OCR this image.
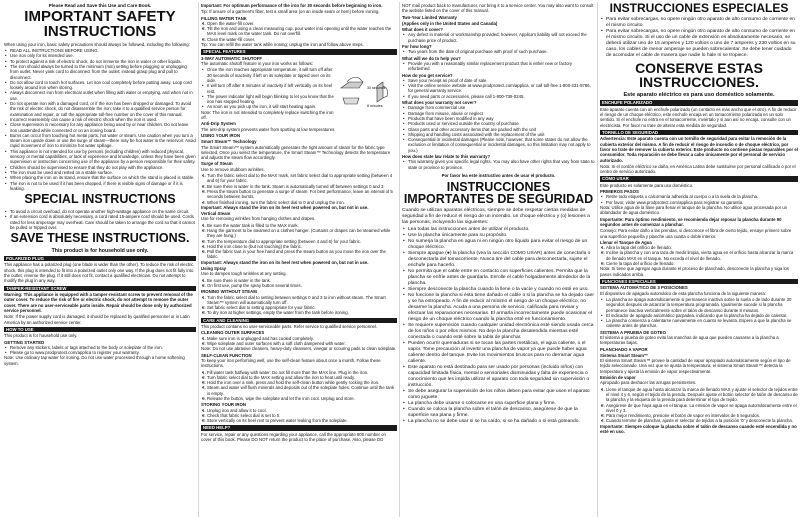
Please Read and Save this Use and Care Book.

IMPORTANT SAFETY
INSTRUCTIONS

When using your iron, basic safety precautions should always be followed, including the following:

• READ ALL INSTRUCTIONS BEFORE USING.
• Use iron only for its intended use.
• To protect against a risk of electric shock, do not immerse the iron in water or other liquids.
• The iron should always be turned to the minimum (min) setting before plugging or unplugging from outlet. Never yank cord to disconnect from the outlet; instead grasp plug and pull to disconnect.
• Do not allow cord to touch hot surfaces. Let iron cool completely before putting away. Loop cord loosely around iron when storing.
• Always disconnect iron from electrical outlet when filling with water or emptying, and when not in use.
• Do not operate iron with a damaged cord, or if the iron has been dropped or damaged. To avoid the risk of electric shock, do not disassemble the iron; take it to a qualified service person for examination and repair, or call the appropriate toll-free number on the cover of this manual. Incorrect reassembly can cause a risk of electric shock when the iron is used.
• Close supervision is necessary for any appliance being used by or near children. Do not leave iron unattended while connected or on an ironing board.
• Burns can occur from touching hot metal parts, hot water or steam. Use caution when you turn a steam iron upside down or use the surge of steam—there may be hot water in the reservoir. Avoid rapid movement of iron to minimize hot water spillage.
• This appliance is not intended for use by persons (including children) with reduced physical, sensory or mental capabilities, or lack of experience and knowledge, unless they have been given supervision or instruction concerning use of the appliance by a person responsible for their safety.
• Children should be supervised to ensure that they do not play with the appliance.
• The iron must be used and rested on a stable surface.
• When placing the iron on its stand, ensure that the surface on which the stand is placed is stable.
• The iron is not to be used if it has been dropped, if there is visible signs of damage or if it is leaking.
SPECIAL INSTRUCTIONS
• To avoid a circuit overload, do not operate another high-wattage appliance on the same circuit.
• If an extension cord is absolutely necessary, a cord rated 15-ampere cord should be used. Cords rated for less amperage may overheat. Care should be taken to arrange the cord so that it cannot be pulled or tripped over.
SAVE THESE INSTRUCTIONS.
This product is for household use only.
POLARIZED PLUG

This appliance has a polarized plug (one blade is wider than the other). To reduce the risk of electric shock, this plug is intended to fit into a polarized outlet only one way. If the plug does not fit fully into the outlet, reverse the plug. If it still does not fit, contact a qualified electrician. Do not attempt to modify the plug in any way.

TAMPER-RESISTANT SCREW

Warning: This appliance is equipped with a tamper-resistant screw to prevent removal of the outer cover. To reduce the risk of fire or electric shock, do not attempt to remove the outer cover. There are no user-serviceable parts inside. Repair should be done only by authorized service personnel.

Note: If the power supply cord is damaged, it should be replaced by qualified personnel or in Latin America by an authorized service center.

HOW TO USE

This product is for household use only.

GETTING STARTED
• Remove any stickers, labels or tags attached to the body or soleplate of the iron.
• Please go to www.prodprotect.com/applica to register your warranty.

Note: Use ordinary tap water for ironing. Do not use water processed through a home softening system.

Important: For optimum performance of the iron for 30 seconds before beginning to iron.

Tip: If unsure of a garment's fiber, test a small area (on an inside seam or hem) before ironing.

FILLING WATER TANK
• 1. Open the water-fill cover.
• 2. Tilt the iron and using a clean measuring cup, pour water into opening until the water reaches the MAX level mark on the water tank. Do not overfill.
• 3. Close the water-fill cover.

Tip: You can refill the water tank while ironing; unplug the iron and follow above steps.

SPECIAL FEATURES
3-WAY AUTOMATIC SHUTOFF

The automatic shutoff feature in your iron works as follows:

30 seconds
8 minutes
• Once the iron reaches appropriate temperature, it will turn off after 30 seconds of inactivity if left on its soleplate or tipped over on its side.
• It will turn off after 8 minutes of inactivity if left vertically on its heel rest.
• The power indicator light will begin blinking to let you know that the iron has stopped heating.
• As soon as you pick up the iron, it will start heating again.

Note: The iron is not intended to completely replace switching the iron off.

Anti-Drip System

The anti-drip system prevents water from spotting at low temperatures.

USING YOUR IRON
Smart Steam™ Technology

The Smart Steam™ system automatically generates the right amount of steam for the fabric type selected. Once you select the temperature, the Smart Steam™ Technology detects the temperature and adjusts the steam flow accordingly.

Surge of Steam

Use to remove stubborn wrinkles.

• 1. Turn the fabric select dial to the MAX mark, set fabric select dial to appropriate setting (between 4 and 6) for your fabric.
• 2. Be sure there is water in the tank. Steam is automatically turned off between settings 0 and 3.
• 3. Press the steam button to generate a surge of steam. For best performance, leave an interval of 5 seconds between bursts.
• 4. When finished ironing, turn the fabric select dial to 0 and unplug the iron.

Important: Always stand the iron on its heel rest when powered on, but not in use.

Vertical Steam

Use for removing wrinkles from hanging clothes and drapes.

• 1. Be sure the water tank is filled to the MAX mark.
• 2. Hang the garment to be steamed on a clothes hanger. (Curtains or drapes can be steamed while they are hung.)
• 3. Turn the temperature dial to appropriate setting (between 4 and 6) for your fabric.
• 4. Hold the iron close to (but not touching) the fabric.
• 5. Pull the fabric taut in your free hand and press the steam button as you move the iron over the fabric.

Important: Always stand the iron on its heel rest when powered on, but not in use.

Using Spray

Use to dampen tough wrinkles at any setting.

• 1. Be sure there is water in the tank.
• 2. On first use, pump the spray button several times.
IRONING WITHOUT STEAM
• 1. Turn the fabric select dial to setting between settings 0 and 3 to iron without steam. The Smart Steam™ system will automatically turn off.
• 2. Set fabric select dial to setting appropriate for your fabric.
• 3. To dry iron at higher settings, empty the water from the tank before ironing.
CARE AND CLEANING

This product contains no user-serviceable parts. Refer service to qualified service personnel.

CLEANING OUTER SURFACES
• 1. Make sure iron is unplugged and has cooled completely.
• 2. Wipe soleplate and outer surfaces with a soft cloth dampened with water.

Note: Do not use abrasive cleaners, heavy-duty cleansers, vinegar or scouring pads to clean soleplate.

SELF-CLEAN FUNCTION

To keep your iron performing well, use the self-clean feature about once a month. Follow these instructions.

• 1. Fill water tank halfway with water. Do not fill more than the MAX line. Plug in the iron.
• 2. Turn fabric select dial to the MAX setting and allow the iron to heat until ready.
• 3. Hold the iron over a sink, press and hold the self-clean button while gently rocking the iron.
• 4. Steam and water will flush minerals and deposits out of the soleplate holes. Continue until the tank is empty.
• 5. Release the button, wipe the soleplate and let the iron cool. Unplug and store.
STORING YOUR IRON
• 1. Unplug iron and allow it to cool.
• 2. Check that fabric select dial is set to 0.
• 3. Store vertically on its heel rest to prevent water leaking from the soleplate.
NEED HELP?

For service, repair or any questions regarding your appliance, call the appropriate 800 number on cover of this book. Please DO NOT return the product to the place of purchase. Also, please DO

NOT mail product back to manufacturer, nor bring it to a service center. You may also want to consult the website listed on the cover of this manual.

Two-Year Limited Warranty
(Applies only in the United States and Canada)
What does it cover?
• Any defect in material or workmanship provided; however, Applica's liability will not exceed the purchase price of product.
For how long?
• Two years from the date of original purchase with proof of such purchase.
What will we do to help you?
• Provide you with a reasonably similar replacement product that is either new or factory refurbished.
How do you get service?
• Save your receipt as proof of date of sale.
• Visit the online service website at www.prodprotect.com/applica, or call toll-free 1-800-231-9786, for general warranty service.
• If you need parts or accessories, please call 1-800-738-0245.
What does your warranty not cover?
• Damage from commercial use
• Damage from misuse, abuse or neglect
• Products that have been modified in any way
• Products used or serviced outside the country of purchase
• Glass parts and other accessory items that are packed with the unit
• Shipping and handling costs associated with the replacement of the unit
• Consequential or incidental damages (Please note, however, that some states do not allow the exclusion or limitation of consequential or incidental damages, so this limitation may not apply to you.)
How does state law relate to this warranty?
• This warranty gives you specific legal rights. You may also have other rights that vary from state to state or province to province.

Por favor lea este instructivo antes de usar el producto.

INSTRUCCIONES
IMPORTANTES DE SEGURIDAD

Cuando se utilizan aparatos eléctricos, siempre se debe respetar ciertas medidas de seguridad a fin de reducir el riesgo de un incendio, un choque eléctrico y (o) lesiones a las personas, incluyendo las siguientes:

• Lea todas las instrucciones antes de utilizar el producto.
• Use la plancha únicamente para su propósito.
• No sumerja la plancha en agua ni en ningún otro líquido para evitar el riesgo de un choque eléctrico.
• Siempre apague (●) la plancha (vea la sección COMO USAR) antes de conectarla o desconectarla del tomacorriente. Nunca tire del cable para desconectarla, sujete el enchufe para hacerlo.
• No permita que el cable entre en contacto con superficies calientes. Permita que la plancha se enfríe antes de guardarla. Enrolle el cable holgadamente alrededor de la plancha.
• Siempre desconecte la plancha cuando la llene o la vacíe y cuando no esté en uso.
• No funcione la plancha si ésta tiene dañado el cable o si la plancha se ha dejado caer y se ha estropeado. A fin de reducir al mínimo el riesgo de un choque eléctrico, no desarme la plancha. Acuda a una persona de servicio, calificada para revisar y efectuar las reparaciones necesarias. El armarla incorrectamente puede ocasionar el riesgo de un choque eléctrico cuando la plancha esté en funcionamiento.
• Se requiere supervisión cuando cualquier unidad electrónica esté siendo usada cerca de los niños o por ellos mismos. No deje la plancha desatendida mientras esté conectada o cuando esté sobre la tabla de planchar.
• Pueden ocurrir quemaduras si se tocan las partes metálicas, el agua caliente, o el vapor. Tome precaución al invertir una plancha de vapor ya que puede haber agua caliente dentro del tanque. Evite los movimientos bruscos para no derramar agua caliente.
• Este aparato no está destinado para ser usado por personas (incluido niños) con capacidad limitada física, mental o sensoriales disminuidas y falta de experiencia o conocimiento que les impida utilizar el aparato con toda seguridad sin supervisión o instrucción.
• Se debe asegurar la supervisión de los niños deben para evitar que usen el aparato como juguete.
• La plancha debe usarse o colocarse en una superficie plana y firme.
• Cuando se coloca la plancha sobre el talón de descanso, asegúrese de que la superficie sea plana y firme.
• La plancha no se debe usar si se ha caído, si se ha dañado o si está goteando.
INSTRUCCIONES ESPECIALES
• Para evitar sobrecargas, no opere ningún otro aparato de alto consumo de corriente en el mismo circuito.
• Para evitar sobrecargas, no opere ningún otro aparato de alto consumo de corriente en el mismo circuito. Si el uso de un cable de extensión es absolutamente necesario, se deberá utilizar uno de 15 amperes y 120 voltios o uno de 7 amperes y 230 voltios en su caso, los cables de menor amperaje se pueden sobrecalentar. Se debe tener cuidado de acomodar el cable de manera que nadie lo hale ni se tropiece.
CONSERVE ESTAS
INSTRUCCIONES.
Este aparato eléctrico es para uso doméstico solamente.
ENCHUFE POLARIZADO

Este aparato cuenta con un enchufe polarizado (un contacto es más ancho que el otro). A fin de reducir el riesgo de un choque eléctrico, este enchufe encaja en un tomacorriente polarizada en un solo sentido. Si el enchufe no entra en el tomacorriente, inviértalo y si aun así no encaja, consulte con un electricista. Por favor no trate de alterar esta medida de seguridad.

TORNILLO DE SEGURIDAD

Advertencia: Este aparato cuenta con un tornillo de seguridad para evitar la remoción de la cubierta exterior del mismo. A fin de reducir el riesgo de incendio o de choque eléctrico, por favor no trate de remover la cubierta exterior. Este producto no contiene piezas reparables por el consumidor. Toda reparación se debe llevar a cabo únicamente por el personal de servicio autorizado.

Nota: Si el cordón eléctrico se daña, en América Latina debe sustituirse por personal calificado o por el centro de servicio autorizado.

CÓMO USAR

Este producto es solamente para uso doméstico.

PRIMEROS PASOS
• Retire todo etiqueta o calcomanía adherida al cuerpo o a la suela de la plancha.
• Por favor, visite www.prodprotect.com/applica para registrar su garantía.

Nota: Utilice agua de la llave para llenar el tanque de la plancha. No utilice agua procesada por un ablandador de agua doméstico.

Importante: Para óptimo rendimiento, se recomienda dejar reposar la plancha durante 90 segundos antes de comenzar a planchar.

Consejo: Para evitar daño a las prendas, si desconoce el fibra de cierto tejido, ensaye primero sobre una superficie pequeña y planche una cuarta o doble interior.

Llenar el Tanque de Agua
• 1. Abra la tapa del orificio de llenado.
• 2. Incline la plancha y con una taza de medir limpia, vierta agua en el orificio hasta alcanzar la marca de llenado MAX en el tanque. No exceda el nivel de llenado.
• 3. Cierre la tapa del orificio de llenado.

Nota: Si tiene que agregar agua durante el proceso de planchado, desconecte la plancha y siga los pasos indicados arriba.

FUNCIONES ESPECIALES
SISTEMA AUTOMÁTICO DE 3 POSICIONES

El dispositivo de apagado automático de esta plancha funciona de la siguiente manera:

• La plancha se apaga automáticamente si permanece inactiva sobre la suela o de lado durante 30 segundos después de alcanzar la temperatura programada. Igualmente sucede si la plancha permanece inactiva verticalmente sobre el talón de descanso durante 8 minutos.
• El indicador de apagado automático parpadea, indicando que la plancha ha dejado de calentar.
• La plancha comienza a calentarse nuevamente en cuanto se levanta. Espere a que la plancha se caliente antes de planchar.
SISTEMA A PRUEBA DE GOTEO

El sistema a prueba de goteo evita las manchas de agua que pueden causarse a la plancha a temperaturas bajas.

PLANCHADO A VAPOR
Sistema Smart Steam™

El sistema Smart Steam™ provee la cantidad de vapor apropiado automáticamente según el tipo de tejido seleccionado. Una vez que se ajusta la temperatura, el sistema Smart Steam™ detecta la temperatura y ajusta la emisión de vapor respectivamente.

Emisión de vapor

Apropiado para deshacer las arrugas persistentes.

• 1. Llene el tanque de agua hasta alcanzar la marca de llenado MAX y ajuste el selector de tejidos entre el nivel 4 y 6, según el tejido de la prenda. Después ajuste el botón selector de talón de descanso de la plancha y la etiqueta de la prenda para determinar el tipo de tejido.
• 2. Asegúrese de que haya agua en el tanque. La emisión de vapor se apaga automáticamente entre el nivel 0 y 3.
• 3. Para mejor rendimiento, presione el botón de vapor en intervalos de 5 segundos.
• 4. Cuando termine de planchar, ajuste el selector de tejidos a la posición '0' y desconecte la plancha.

Importante: Siempre coloque la plancha sobre el talón de descanso cuando esté encendida y no esté en uso.
